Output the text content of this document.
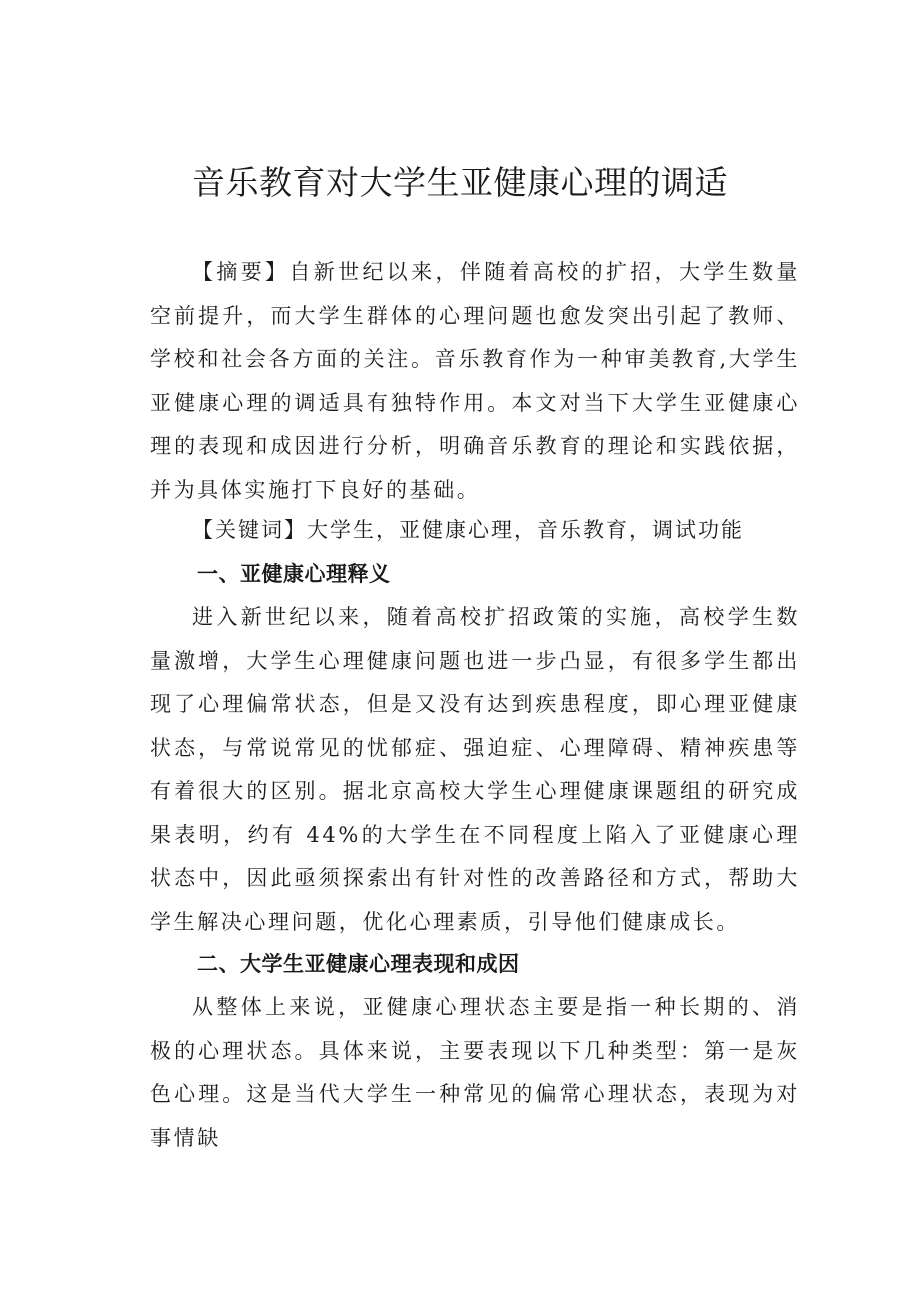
音乐教育对大学生亚健康心理的调适

【摘要】自新世纪以来，伴随着高校的扩招，大学生数量空前提升，而大学生群体的心理问题也愈发突出引起了教师、学校和社会各方面的关注。音乐教育作为一种审美教育,大学生亚健康心理的调适具有独特作用。本文对当下大学生亚健康心理的表现和成因进行分析，明确音乐教育的理论和实践依据，并为具体实施打下良好的基础。

【关键词】大学生，亚健康心理，音乐教育，调试功能

一、亚健康心理释义

进入新世纪以来，随着高校扩招政策的实施，高校学生数量激增，大学生心理健康问题也进一步凸显，有很多学生都出现了心理偏常状态，但是又没有达到疾患程度，即心理亚健康状态，与常说常见的忧郁症、强迫症、心理障碍、精神疾患等有着很大的区别。据北京高校大学生心理健康课题组的研究成果表明，约有 44%的大学生在不同程度上陷入了亚健康心理状态中，因此亟须探索出有针对性的改善路径和方式，帮助大学生解决心理问题，优化心理素质，引导他们健康成长。

二、大学生亚健康心理表现和成因

从整体上来说，亚健康心理状态主要是指一种长期的、消极的心理状态。具体来说，主要表现以下几种类型：第一是灰色心理。这是当代大学生一种常见的偏常心理状态，表现为对事情缺
